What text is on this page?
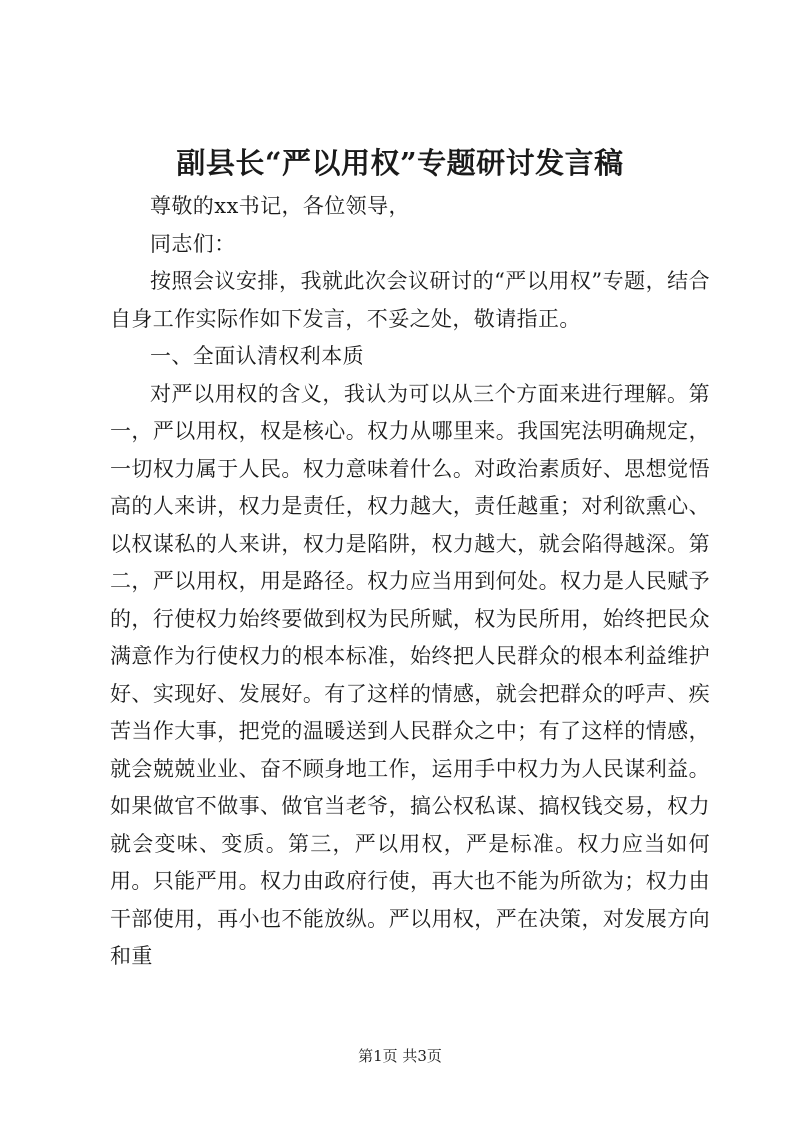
副县长“严以用权”专题研讨发言稿

尊敬的xx书记，各位领导，

同志们：

按照会议安排，我就此次会议研讨的“严以用权”专题，结合自身工作实际作如下发言，不妥之处，敬请指正。

一、全面认清权利本质

对严以用权的含义，我认为可以从三个方面来进行理解。第一，严以用权，权是核心。权力从哪里来。我国宪法明确规定，一切权力属于人民。权力意味着什么。对政治素质好、思想觉悟高的人来讲，权力是责任，权力越大，责任越重；对利欲熏心、以权谋私的人来讲，权力是陷阱，权力越大，就会陷得越深。第二，严以用权，用是路径。权力应当用到何处。权力是人民赋予的，行使权力始终要做到权为民所赋，权为民所用，始终把民众满意作为行使权力的根本标准，始终把人民群众的根本利益维护好、实现好、发展好。有了这样的情感，就会把群众的呼声、疾苦当作大事，把党的温暖送到人民群众之中；有了这样的情感，就会兢兢业业、奋不顾身地工作，运用手中权力为人民谋利益。如果做官不做事、做官当老爷，搞公权私谋、搞权钱交易，权力就会变味、变质。第三，严以用权，严是标准。权力应当如何用。只能严用。权力由政府行使，再大也不能为所欲为；权力由干部使用，再小也不能放纵。严以用权，严在决策，对发展方向和重

第1页 共3页
